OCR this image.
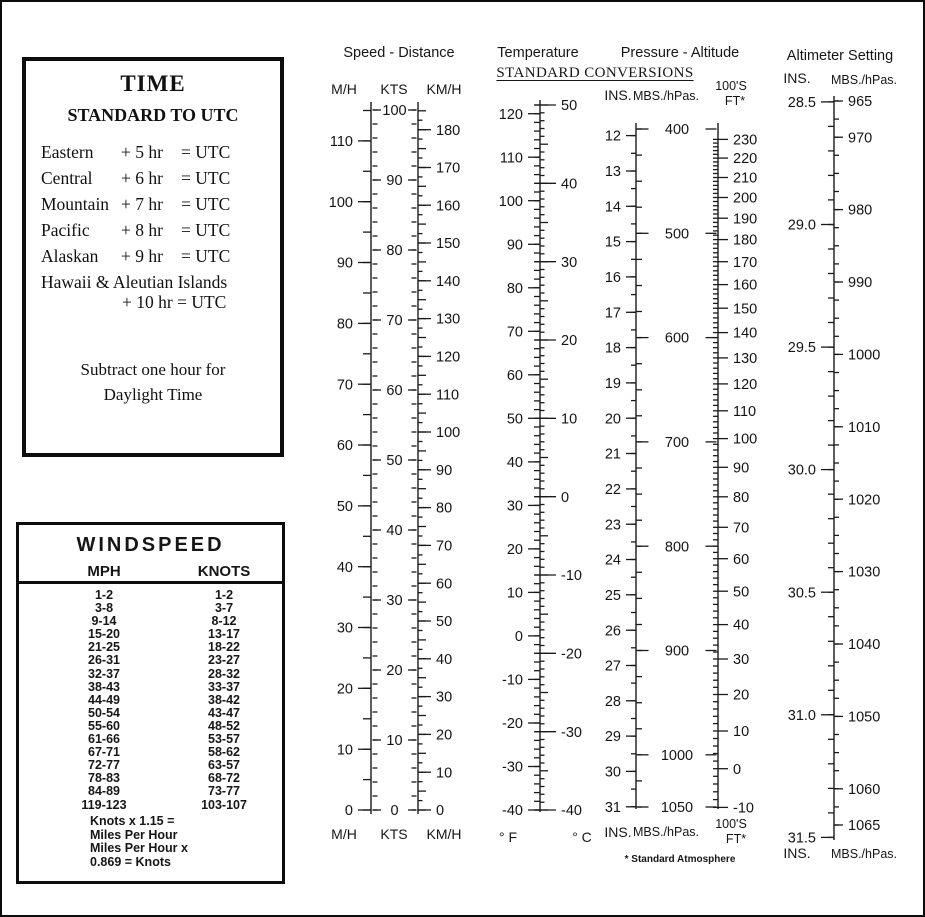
TIME
STANDARD TO UTC
Eastern	+ 5 hr	= UTC
Central	+ 6 hr	= UTC
Mountain + 7 hr	= UTC
Pacific	+ 8 hr	= UTC
Alaskan	+ 9 hr	= UTC
Hawaii & Aleutian Islands
+ 10 hr = UTC
Subtract one hour for
Daylight Time
WINDSPEED
MPH	KNOTS
1-2	1-2
3-8	3-7
9-14	8-12
15-20	13-17
21-25	18-22
26-31	23-27
32-37	28-32
38-43	33-37
44-49	38-42
50-54	43-47
55-60	48-52
61-66	53-57
67-71	58-62
72-77	63-57
78-83	68-72
84-89	73-77
119-123	103-107
Knots x 1.15 =
Miles Per Hour
Miles Per Hour x
0.869 = Knots
0
10
20
30
40
50
60
70
80
90
100
110
0
10
20
30
40
50
60
70
80
90
100
0
10
20
30
40
50
60
70
80
90
100
110
120
130
140
150
160
170
180
-40
-30
-20
-10
0
10
20
30
40
50
60
70
80
90
100
110
120
-40
-30
-20
-10
0
10
20
30
40
50
12
13
14
15
16
17
18
19
20
21
22
23
24
25
26
27
28
29
30
31
400
500
600
700
800
900
1000
1050
230
220
210
200
190
180
170
160
150
140
130
120
110
100
90
80
70
60
50
40
30
20
10
0
-10
28.5
29.0
29.5
30.0
30.5
31.0
31.5
965
970
980
990
1000
1010
1020
1030
1040
1050
1060
1065
Speed - Distance
M/H KTS KM/H
Temperature
STANDARD CONVERSIONS
Pressure - Altitude
INS. MBS./hPas.
100'S
FT*
Altimeter Setting
INS. MBS./hPas.
M/H KTS KM/H	° F	° C INS. MBS./hPas.
100'S
FT*
* Standard Atmosphere	INS. MBS./hPas.
